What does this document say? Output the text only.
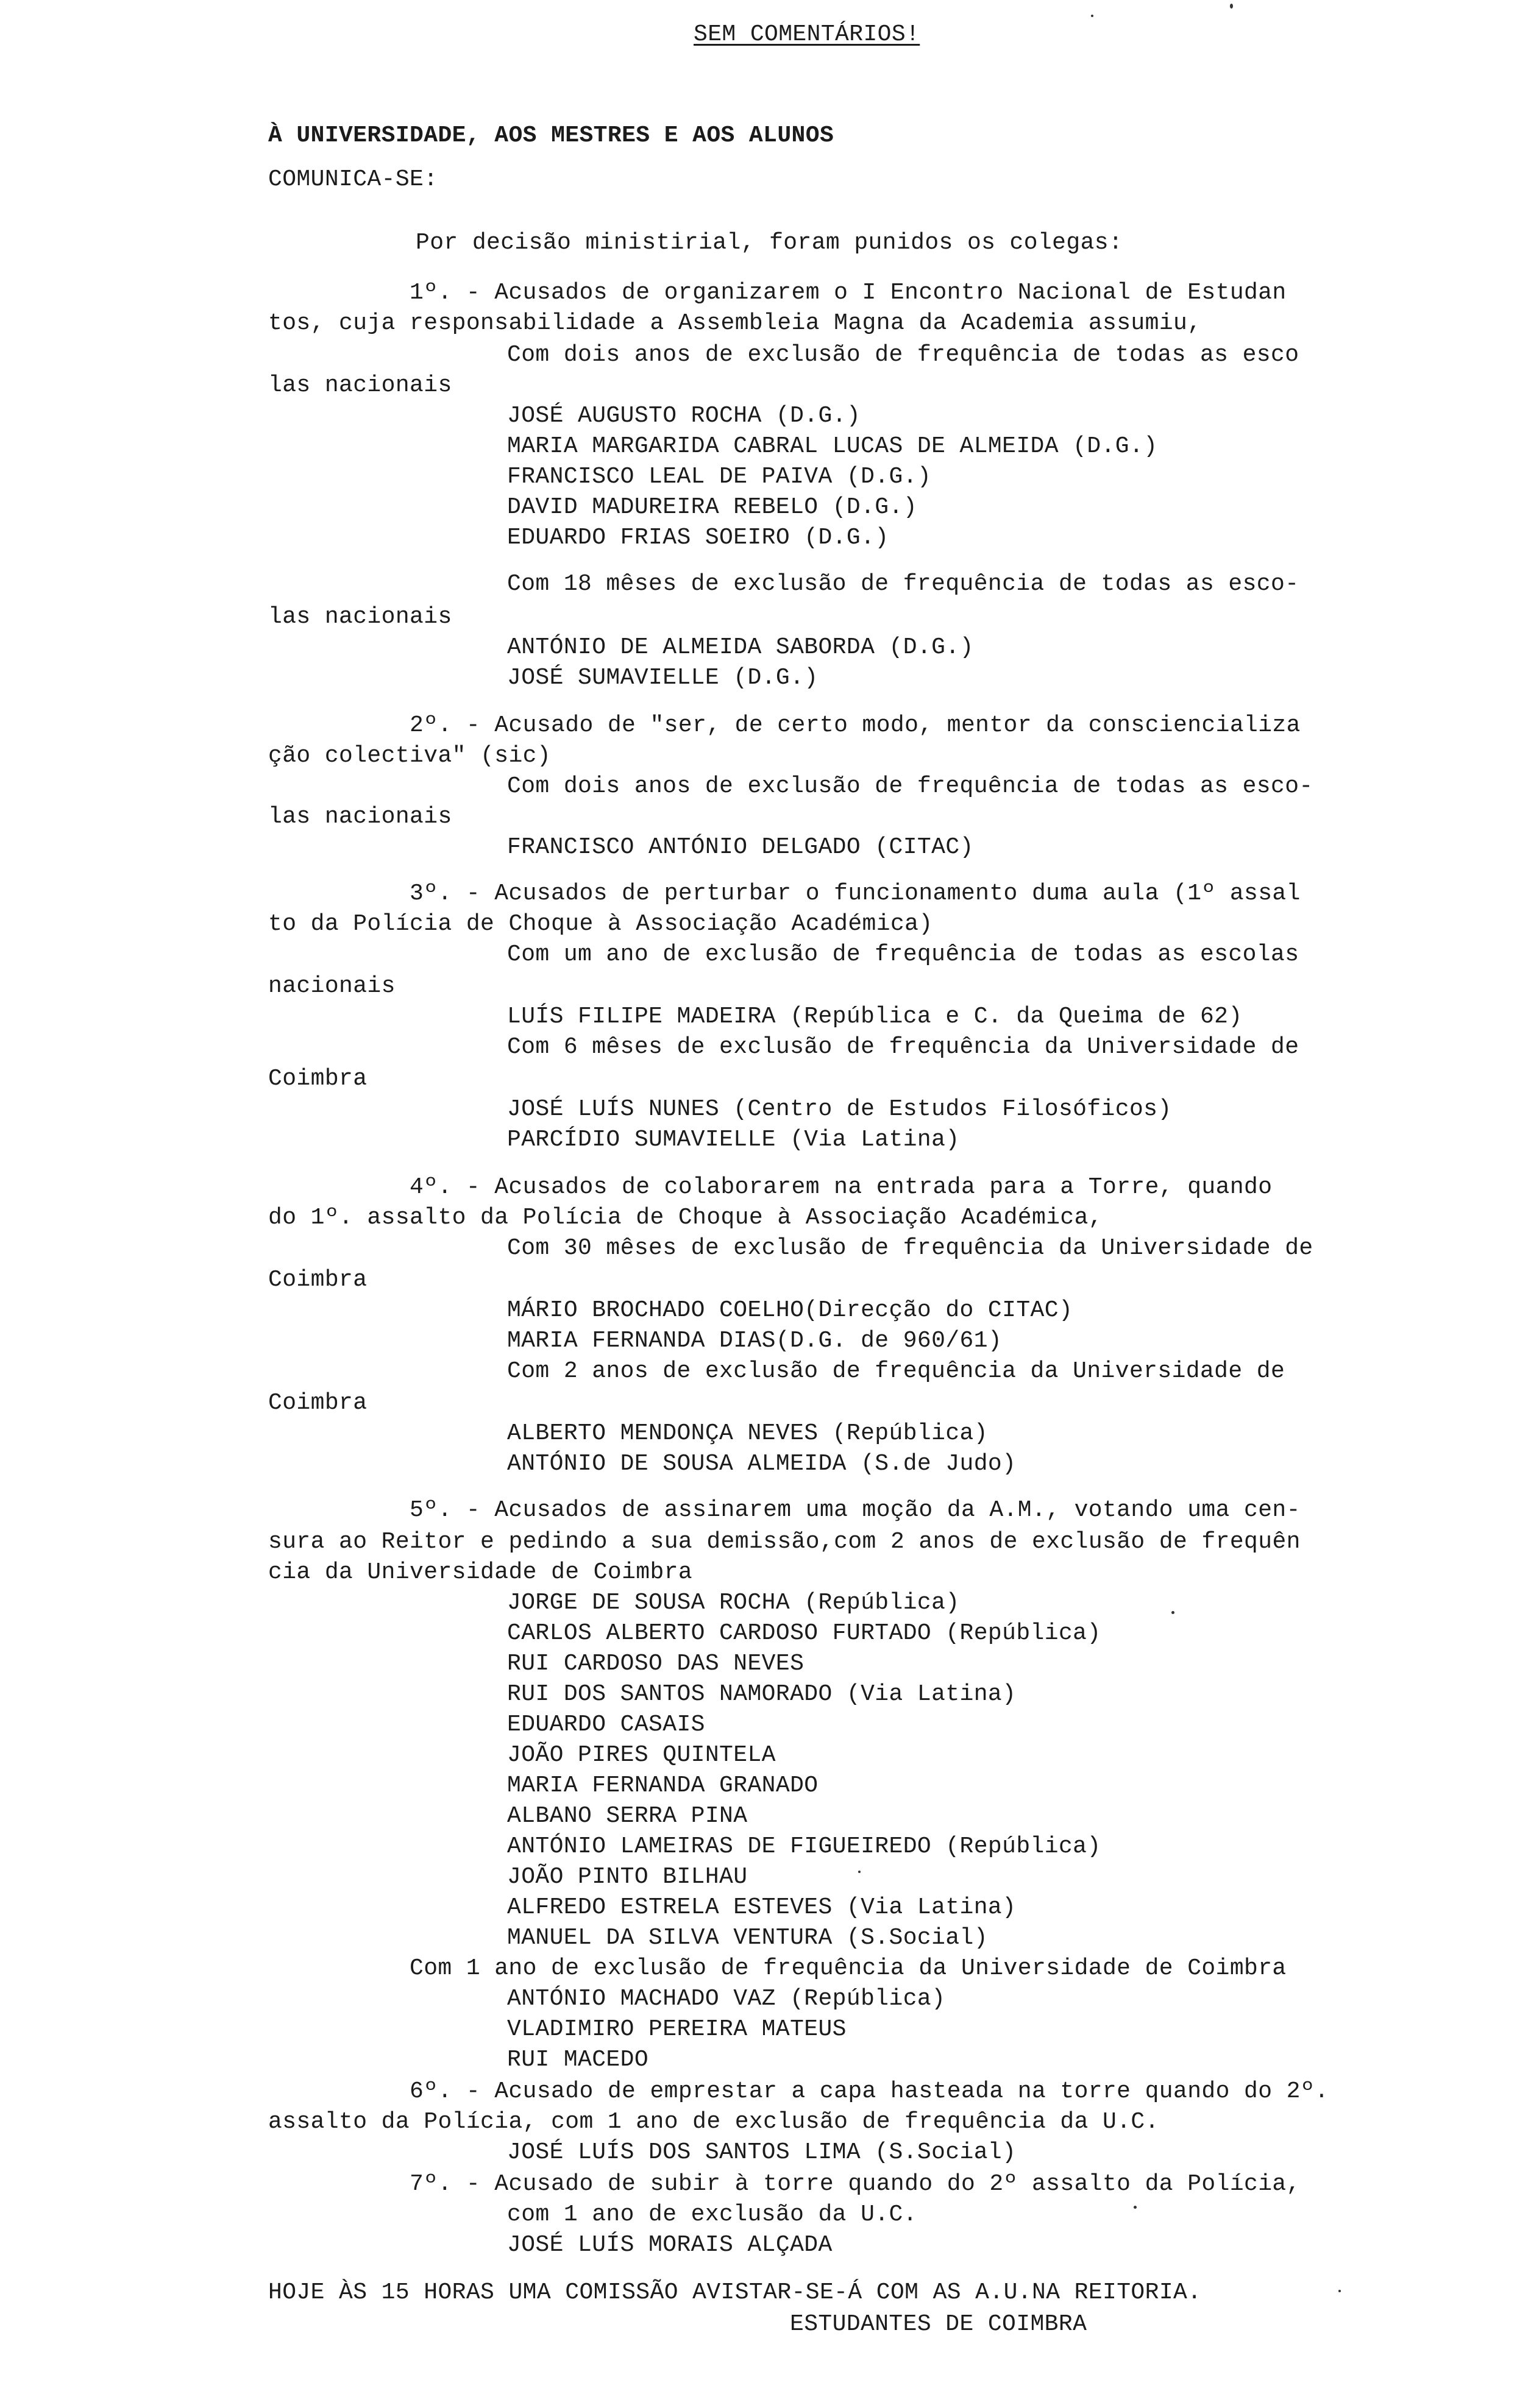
SEM COMENTÁRIOS!
À UNIVERSIDADE, AOS MESTRES E AOS ALUNOS
COMUNICA-SE:
Por decisão ministirial, foram punidos os colegas:
1º. - Acusados de organizarem o I Encontro Nacional de Estudan
tos, cuja responsabilidade a Assembleia Magna da Academia assumiu,
Com dois anos de exclusão de frequência de todas as esco
las nacionais
JOSÉ AUGUSTO ROCHA (D.G.)
MARIA MARGARIDA CABRAL LUCAS DE ALMEIDA (D.G.)
FRANCISCO LEAL DE PAIVA (D.G.)
DAVID MADUREIRA REBELO (D.G.)
EDUARDO FRIAS SOEIRO (D.G.)
Com 18 mêses de exclusão de frequência de todas as esco-
las nacionais
ANTÓNIO DE ALMEIDA SABORDA (D.G.)
JOSÉ SUMAVIELLE (D.G.)
2º. - Acusado de "ser, de certo modo, mentor da consciencializa
ção colectiva" (sic)
Com dois anos de exclusão de frequência de todas as esco-
las nacionais
FRANCISCO ANTÓNIO DELGADO (CITAC)
3º. - Acusados de perturbar o funcionamento duma aula (1º assal
to da Polícia de Choque à Associação Académica)
Com um ano de exclusão de frequência de todas as escolas
nacionais
LUÍS FILIPE MADEIRA (República e C. da Queima de 62)
Com 6 mêses de exclusão de frequência da Universidade de
Coimbra
JOSÉ LUÍS NUNES (Centro de Estudos Filosóficos)
PARCÍDIO SUMAVIELLE (Via Latina)
4º. - Acusados de colaborarem na entrada para a Torre, quando
do 1º. assalto da Polícia de Choque à Associação Académica,
Com 30 mêses de exclusão de frequência da Universidade de
Coimbra
MÁRIO BROCHADO COELHO(Direcção do CITAC)
MARIA FERNANDA DIAS(D.G. de 960/61)
Com 2 anos de exclusão de frequência da Universidade de
Coimbra
ALBERTO MENDONÇA NEVES (República)
ANTÓNIO DE SOUSA ALMEIDA (S.de Judo)
5º. - Acusados de assinarem uma moção da A.M., votando uma cen-
sura ao Reitor e pedindo a sua demissão,com 2 anos de exclusão de frequên
cia da Universidade de Coimbra
JORGE DE SOUSA ROCHA (República)
CARLOS ALBERTO CARDOSO FURTADO (República)
RUI CARDOSO DAS NEVES
RUI DOS SANTOS NAMORADO (Via Latina)
EDUARDO CASAIS
JOÃO PIRES QUINTELA
MARIA FERNANDA GRANADO
ALBANO SERRA PINA
ANTÓNIO LAMEIRAS DE FIGUEIREDO (República)
JOÃO PINTO BILHAU
ALFREDO ESTRELA ESTEVES (Via Latina)
MANUEL DA SILVA VENTURA (S.Social)
Com 1 ano de exclusão de frequência da Universidade de Coimbra
ANTÓNIO MACHADO VAZ (República)
VLADIMIRO PEREIRA MATEUS
RUI MACEDO
6º. - Acusado de emprestar a capa hasteada na torre quando do 2º.
assalto da Polícia, com 1 ano de exclusão de frequência da U.C.
JOSÉ LUÍS DOS SANTOS LIMA (S.Social)
7º. - Acusado de subir à torre quando do 2º assalto da Polícia,
com 1 ano de exclusão da U.C.
JOSÉ LUÍS MORAIS ALÇADA
HOJE ÀS 15 HORAS UMA COMISSÃO AVISTAR-SE-Á COM AS A.U.NA REITORIA.
ESTUDANTES DE COIMBRA
